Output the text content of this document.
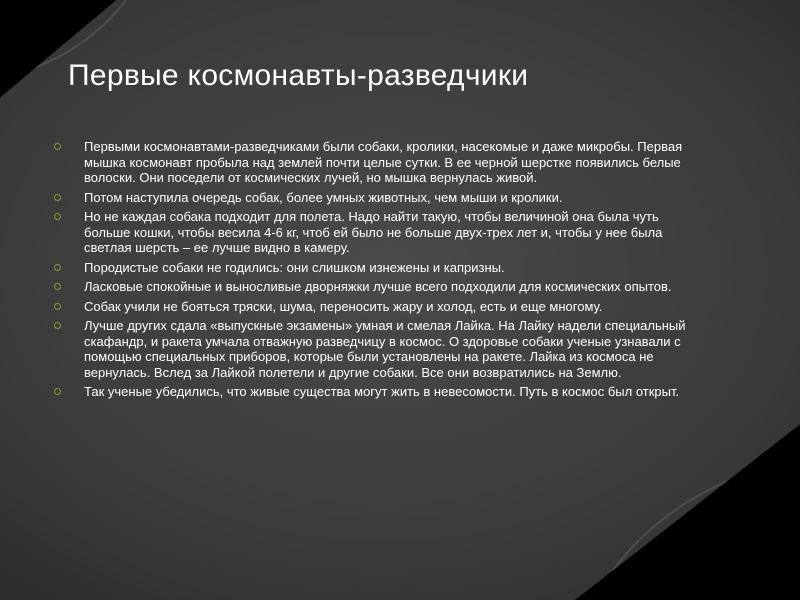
Первые космонавты-разведчики
Первыми космонавтами-разведчиками были собаки, кролики, насекомые и даже микробы. Первая мышка космонавт пробыла над землей почти целые сутки. В ее черной шерстке появились белые волоски. Они поседели от космических лучей, но мышка вернулась живой.
Потом наступила очередь собак, более умных животных, чем мыши и кролики.
Но не каждая собака подходит для полета. Надо найти такую, чтобы величиной она была чуть больше кошки, чтобы весила 4-6 кг, чтоб ей было не больше двух-трех лет и, чтобы у нее была светлая шерсть – ее лучше видно в камеру.
Породистые собаки не годились: они слишком изнежены и капризны.
Ласковые спокойные и выносливые дворняжки лучше всего подходили для космических опытов.
Собак учили не бояться тряски, шума, переносить жару и холод, есть и еще многому.
Лучше других сдала «выпускные экзамены» умная и смелая Лайка. На Лайку надели специальный скафандр, и ракета умчала отважную разведчицу в космос. О здоровье собаки ученые узнавали с помощью специальных приборов, которые были установлены на ракете. Лайка из космоса не вернулась. Вслед за Лайкой полетели и другие собаки. Все они возвратились на Землю.
Так ученые убедились, что живые существа могут жить в невесомости. Путь в космос был открыт.
